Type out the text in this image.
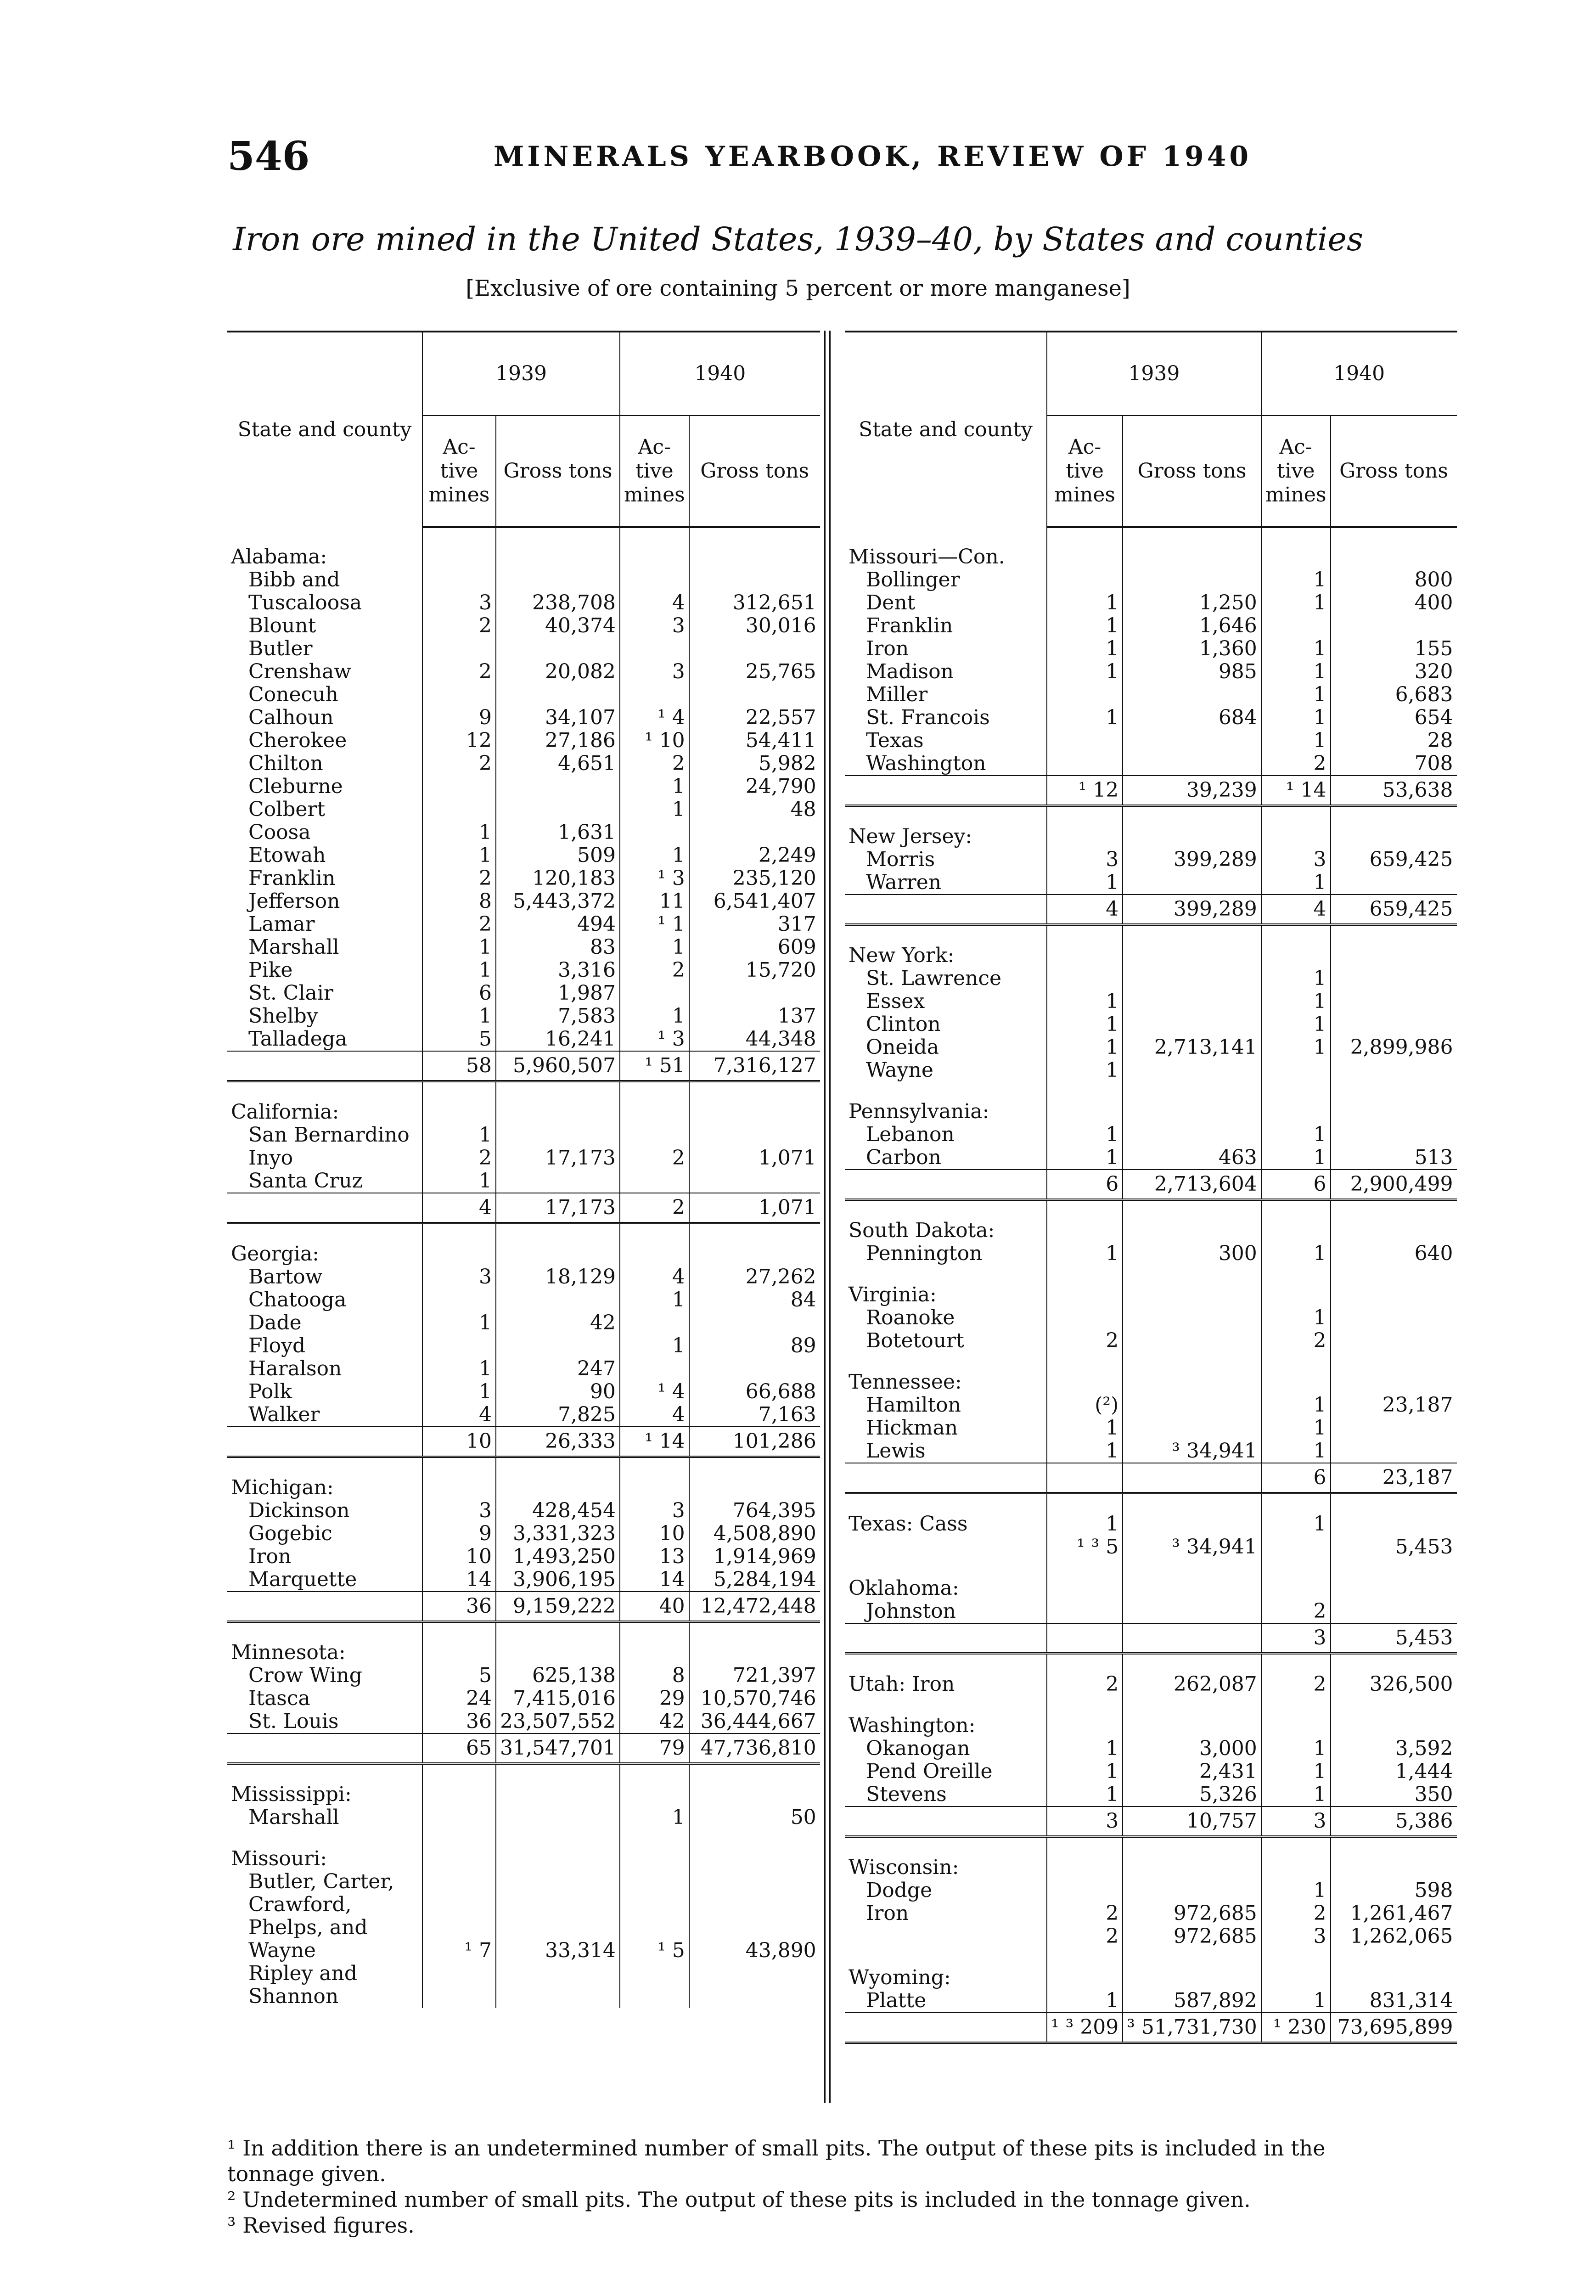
546	MINERALS YEARBOOK, REVIEW OF 1940
Iron ore mined in the United States, 1939–40, by States and counties
[Exclusive of ore containing 5 percent or more manganese]
State and county	1939		1940	
	Ac- tive mines	Gross tons	Ac- tive mines	Gross tons
Alabama:				
Bibb and Tuscaloosa	3	238,708	4	312,651
Blount	2	40,374	3	30,016
Butler				
Crenshaw	2	20,082	3	25,765
Conecuh				
Calhoun	9	34,107	¹ 4	22,557
Cherokee	12	27,186	¹ 10	54,411
Chilton	2	4,651	2	5,982
Cleburne			1	24,790
Colbert			1	48
Coosa	1	1,631		
Etowah	1	509	1	2,249
Franklin	2	120,183	¹ 3	235,120
Jefferson	8	5,443,372	11	6,541,407
Lamar	2	494	¹ 1	317
Marshall	1	83	1	609
Pike	1	3,316	2	15,720
St. Clair	6	1,987		
Shelby	1	7,583	1	137
Talladega	5	16,241	¹ 3	44,348
	58	5,960,507	¹ 51	7,316,127
California:				
San Bernardino	1			
Inyo	2	17,173	2	1,071
Santa Cruz	1			
	4	17,173	2	1,071
Georgia:				
Bartow	3	18,129	4	27,262
Chatooga			1	84
Dade	1	42		
Floyd			1	89
Haralson	1	247		
Polk	1	90	¹ 4	66,688
Walker	4	7,825	4	7,163
	10	26,333	¹ 14	101,286
Michigan:				
Dickinson	3	428,454	3	764,395
Gogebic	9	3,331,323	10	4,508,890
Iron	10	1,493,250	13	1,914,969
Marquette	14	3,906,195	14	5,284,194
	36	9,159,222	40	12,472,448
Minnesota:				
Crow Wing	5	625,138	8	721,397
Itasca	24	7,415,016	29	10,570,746
St. Louis	36	23,507,552	42	36,444,667
	65	31,547,701	79	47,736,810
Mississippi:				
Marshall			1	50
Missouri:				
Butler, Carter, Crawford, Phelps, and Wayne	¹ 7	33,314	¹ 5	43,890
Ripley and Shannon				
State and county	1939		1940	
	Ac- tive mines	Gross tons	Ac- tive mines	Gross tons
Missouri—Con.				
Bollinger			1	800
Dent	1	1,250	1	400
Franklin	1	1,646		
Iron	1	1,360	1	155
Madison	1	985	1	320
Miller			1	6,683
St. Francois	1	684	1	654
Texas			1	28
Washington			2	708
	¹ 12	39,239	¹ 14	53,638
New Jersey:				
Morris	3	399,289	3	659,425
Warren	1		1	
	4	399,289	4	659,425
New York:				
St. Lawrence			1	
Essex	1		1	
Clinton	1		1	
Oneida	1	2,713,141	1	2,899,986
Wayne	1			
Pennsylvania:				
Lebanon	1		1	
Carbon	1	463	1	513
	6	2,713,604	6	2,900,499
South Dakota:				
Pennington	1	300	1	640
Virginia:				
Roanoke			1	
Botetourt	2		2	
Tennessee:				
Hamilton	(²)		1	23,187
Hickman	1		1	
Lewis	1	³ 34,941	1	
			6	23,187
Texas: Cass	1		1	
	¹ ³ 5	³ 34,941		5,453
Oklahoma:				
Johnston			2	
			3	5,453
Utah: Iron	2	262,087	2	326,500
Washington:				
Okanogan	1	3,000	1	3,592
Pend Oreille	1	2,431	1	1,444
Stevens	1	5,326	1	350
	3	10,757	3	5,386
Wisconsin:				
Dodge			1	598
Iron	2	972,685	2	1,261,467
	2	972,685	3	1,262,065
Wyoming:				
Platte	1	587,892	1	831,314
	¹ ³ 209	³ 51,731,730	¹ 230	73,695,899

¹ In addition there is an undetermined number of small pits. The output of these pits is included in the tonnage given.

² Undetermined number of small pits. The output of these pits is included in the tonnage given.

³ Revised figures.
